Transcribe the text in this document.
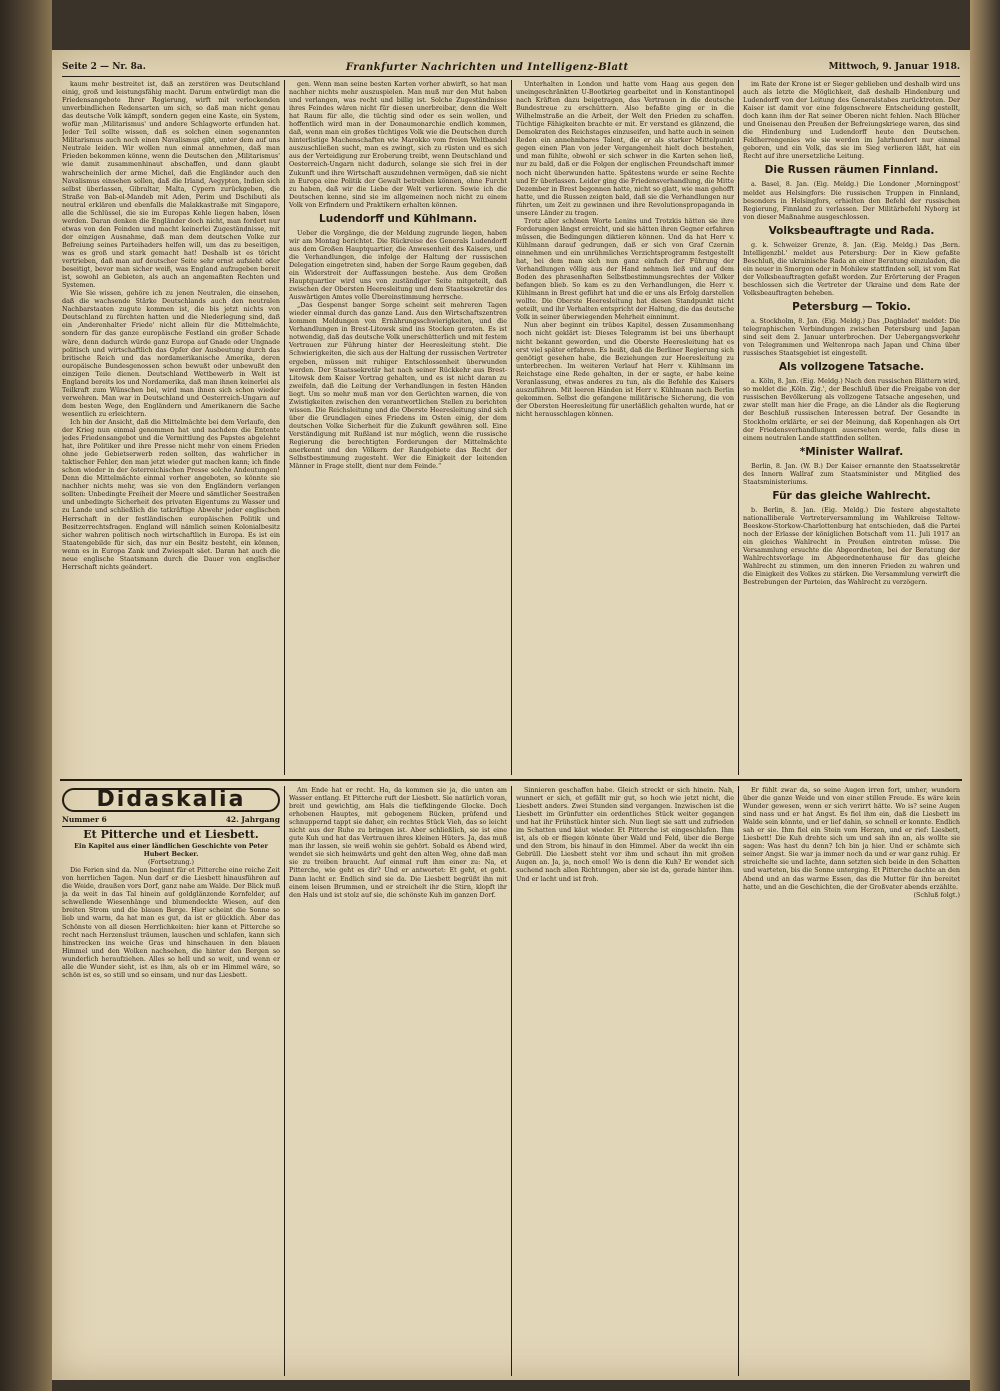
Seite 2 — Nr. 8a.	Frankfurter Nachrichten und Intelligenz-Blatt	Mittwoch, 9. Januar 1918.

kaum mehr bestreitet ist, daß an zerstören was Deutschland einig, groß und leistungsfähig macht. Darum entwürdigt man die Friedensangebote Ihrer Regierung, wirft mit verlockenden unverbindlichen Redensarten um sich, so daß man nicht genau das deutsche Volk kämpft, sondern gegen eine Kaste, ein System, wofür man ‚Militarismus' und andere Schlagworte erfunden hat. Jeder Teil sollte wissen, daß es solchen einen sogenannten Militarismus auch noch einen Navalismus gibt, unter dem auf uns Neutrale leiden. Wir wollen nun einmal annehmen, daß man Frieden bekommen könne, wenn die Deutschen den ‚Militarismus' wie damit zusammenhinaut abschaffen, und dann glaubt wahrscheinlich der arme Michel, daß die Engländer auch den Navalismus einsehen sollen, daß die Irland, Aegypten, Indien sich selbst überlassen, Gibraltar, Malta, Cypern zurückgeben, die Straße von Bab-el-Mandeb mit Aden, Perim und Dschibuti als neutral erklären und ebenfalls die Malakkastraße mit Singapore, alle die Schlüssel, die sie im Europas Kehle liegen haben, lösen werden. Daran denken die Engländer doch nicht, man fordert nur etwas von den Feinden und macht keinerlei Zugeständnisse, mit der einzigen Ausnahme, daß man dem deutschen Volke zur Befreiung seines Parteihaders helfen will, um das zu beseitigen, was es groß und stark gemacht hat! Deshalb ist es töricht vertrieben, daß man auf deutscher Seite sehr ernst aufsieht oder beseitigt, bevor man sicher weiß, was England aufzugeben bereit ist, sowohl an Gebieten, als auch an angemaßten Rechten und Systemen.

Wie Sie wissen, gehöre ich zu jenen Neutralen, die einsehen, daß die wachsende Stärke Deutschlands auch den neutralen Nachbarstaaten zugute kommen ist, die bis jetzt nichts von Deutschland zu fürchten hatten und die Niederlegung sind, daß ein ‚Anderenhalter Friede' nicht allein für die Mittelmächte, sondern für das ganze europäische Festland ein großer Schade wäre, denn dadurch würde ganz Europa auf Gnade oder Ungnade politisch und wirtschaftlich das Opfer der Ausbeutung durch das britische Reich und das nordamerikanische Amerika, deren europäische Bundesgenossen schon bewußt oder unbewußt den einzigen Teile dienen. Deutschland Wettbewerb in Welt ist England bereits los und Nordamerika, daß man ihnen keinerlei als Teilkraft zum Wünschen bei, wird man ihnen sich schon wieder verwehren. Man war in Deutschland und Oesterreich-Ungarn auf dem besten Wege, den Engländern und Amerikanern die Sache wesentlich zu erleichtern.

Ich bin der Ansicht, daß die Mittelmächte bei dem Verlaufe, den der Krieg nun einmal genommen hat und nachdem die Entente jedes Friedensangebot und die Vermittlung des Papstes abgelehnt hat, ihre Politiker und ihre Presse nicht mehr von einem Frieden ohne jede Gebietserwerb reden sollten, das wahrlicher in taktischer Fehler, den man jetzt wieder gut machen kann; ich finde schon wieder in der österreichischen Presse solche Andeutungen! Denn die Mittelmächte einmal vorher angeboten, so könnte sie nachher nichts mehr, was sie von den Engländern verlangen sollten: Unbedingte Freiheit der Meere und sämtlicher Seestraßen und unbedingte Sicherheit des privaten Eigentums zu Wasser und zu Lande und schließlich die tatkräftige Abwehr jeder englischen Herrschaft in der festländischen europäischen Politik und Besitzerrechtsfragen. England will nämlich seinen Kolonialbesitz sicher wahren politisch noch wirtschaftlich in Europa. Es ist ein Staatengebilde für sich, das nur ein Besitz besteht, ein können, wenn es in Europa Zank und Zwiespalt säet. Daran hat auch die neue englische Staatsmann durch die Dauer von englischer Herrschaft nichts geändert.

gen. Wenn man seine besten Karten vorher abwirft, so hat man nachher nichts mehr auszuspielen. Man muß nur den Mut haben und verlangen, was recht und billig ist. Solche Zugeständnisse ihres Feindes wären nicht für diesen unerbreibar, denn die Welt hat Raum für alle, die tüchtig sind oder es sein wollen, und hoffentlich wird man in der Donaumonarchie endlich kommen, daß, wenn man ein großes tüchtiges Volk wie die Deutschen durch hinterlistige Machenschaften wie Marokko vom freien Weltbandel auszuschließen sucht, man es zwingt, sich zu rüsten und es sich aus der Verteidigung zur Eroberung treibt, wenn Deutschland und Oesterreich-Ungarn nicht dadurch, solange sie sich frei in der Zukunft und ihre Wirtschaft auszudehnen vermögen, daß sie nicht in Europa eine Politik der Gewalt betreiben können, ohne Furcht zu haben, daß wir die Liebe der Welt verlieren. Sowie ich die Deutschen kenne, sind sie im allgemeinen noch nicht zu einem Volk von Erfindern und Praktikern erhalten können.

Ludendorff und Kühlmann.

Ueber die Vorgänge, die der Meldung zugrunde liegen, haben wir am Montag berichtet. Die Rückreise des Generals Ludendorff aus dem Großen Hauptquartier, die Anwesenheit des Kaisers, und die Verhandlungen, die infolge der Haltung der russischen Delegation eingetreten sind, haben der Sorge Raum gegeben, daß ein Widerstreit der Auffassungen bestehe. Aus dem Großen Hauptquartier wird uns von zuständiger Seite mitgeteilt, daß zwischen der Obersten Heeresleitung und dem Staatssekretär des Auswärtigen Amtes volle Übereinstimmung herrsche.

„Das Gespenst banger Sorge scheint seit mehreren Tagen wieder einmal durch das ganze Land. Aus den Wirtschaftszentren kommen Meldungen von Ernährungsschwierigkeiten, und die Verhandlungen in Brest-Litowsk sind ins Stocken geraten. Es ist notwendig, daß das deutsche Volk unerschütterlich und mit festem Vertrauen zur Führung hinter der Heeresleitung steht. Die Schwierigkeiten, die sich aus der Haltung der russischen Vertreter ergeben, müssen mit ruhiger Entschlossenheit überwunden werden. Der Staatssekretär hat nach seiner Rückkehr aus Brest-Litowsk dem Kaiser Vortrag gehalten, und es ist nicht daran zu zweifeln, daß die Leitung der Verhandlungen in festen Händen liegt. Um so mehr muß man vor den Gerüchten warnen, die von Zwistigkeiten zwischen den verantwortlichen Stellen zu berichten wissen. Die Reichsleitung und die Oberste Heeresleitung sind sich über die Grundlagen eines Friedens im Osten einig, der dem deutschen Volke Sicherheit für die Zukunft gewähren soll. Eine Verständigung mit Rußland ist nur möglich, wenn die russische Regierung die berechtigten Forderungen der Mittelmächte anerkennt und den Völkern der Randgebiete das Recht der Selbstbestimmung zugesteht. Wer die Einigkeit der leitenden Männer in Frage stellt, dient nur dem Feinde.“

Unterhalten in London und hatte vom Haag aus gegen den uneingeschränkten U-Bootkrieg gearbeitet und in Konstantinopel nach Kräften dazu beigetragen, das Vertrauen in die deutsche Bundestreue zu erschüttern. Also befaßte ging er in die Wilhelmstraße an die Arbeit, der Welt den Frieden zu schaffen. Tüchtige Fähigkeiten brachte er mit. Er verstand es glänzend, die Demokraten des Reichstages einzuseifen, und hatte auch in seinen Reden ein annehmbares Talent, die er als starker Mittelpunkt gegen einen Plan von jeder Vergangenheit hielt doch bestehen, und man fühlte, obwohl er sich schwer in die Karten sehen ließ, nur zu bald, daß er die Folgen der englischen Freundschaft immer noch nicht überwunden hatte. Spätestens wurde er seine Rechte und Er überlassen. Leider ging die Friedensverhandlung, die Mitte Dezember in Brest begonnen hatte, nicht so glatt, wie man gehofft hatte, und die Russen zeigten bald, daß sie die Verhandlungen nur führten, um Zeit zu gewinnen und ihre Revolutionspropaganda in unsere Länder zu tragen.

Trotz aller schönen Worte Lenins und Trotzkis hätten sie ihre Forderungen längst erreicht, und sie hätten ihren Gegner erfahren müssen, die Bedingungen diktieren können. Und da hat Herr v. Kühlmann darauf gedrungen, daß er sich von Graf Czernin einnehmen und ein unrühmliches Verzichtsprogramm festgestellt hat, bei dem man sich nun ganz einfach der Führung der Verhandlungen völlig aus der Hand nehmen ließ und auf dem Boden des phrasenhaften Selbstbestimmungsrechtes der Völker befangen blieb. So kam es zu den Verhandlungen, die Herr v. Kühlmann in Brest geführt hat und die er uns als Erfolg darstellen wollte. Die Oberste Heeresleitung hat diesen Standpunkt nicht geteilt, und ihr Verhalten entspricht der Haltung, die das deutsche Volk in seiner überwiegenden Mehrheit einnimmt.

Nun aber beginnt ein trübes Kapitel, dessen Zusammenhang noch nicht geklärt ist: Dieses Telegramm ist bei uns überhaupt nicht bekannt geworden, und die Oberste Heeresleitung hat es erst viel später erfahren. Es heißt, daß die Berliner Regierung sich genötigt gesehen habe, die Beziehungen zur Heeresleitung zu unterbrechen. Im weiteren Verlauf hat Herr v. Kühlmann im Reichstage eine Rede gehalten, in der er sagte, er habe keine Veranlassung, etwas anderes zu tun, als die Befehle des Kaisers auszuführen. Mit leeren Händen ist Herr v. Kühlmann nach Berlin gekommen. Selbst die gefangene militärische Sicherung, die von der Obersten Heeresleitung für unerläßlich gehalten wurde, hat er nicht herausschlagen können.

im Rate der Krone ist er Sieger geblieben und deshalb wird uns auch als letzte die Möglichkeit, daß deshalb Hindenburg und Ludendorff von der Leitung des Generalstabes zurücktreten. Der Kaiser ist damit vor eine folgenschwere Entscheidung gestellt, doch kann ihm der Rat seiner Oberen nicht fehlen. Nach Blücher und Gneisenau den Preußen der Befreiungskriege waren, das sind die Hindenburg und Ludendorff heute den Deutschen. Feldherrengenies wie sie werden im Jahrhundert nur einmal geboren, und ein Volk, das sie im Sieg verlieren läßt, hat ein Recht auf ihre unersetzliche Leitung.

Die Russen räumen Finnland.

a. Basel, 8. Jan. (Eig. Meldg.) Die Londoner ‚Morningpost' meldet aus Helsingfors: Die russischen Truppen in Finnland, besonders in Helsingfors, erhielten den Befehl der russischen Regierung, Finnland zu verlassen. Der Militärbefehl Nyborg ist von dieser Maßnahme ausgeschlossen.

Volksbeauftragte und Rada.

g. k. Schweizer Grenze, 8. Jan. (Eig. Meldg.) Das ‚Bern. Intelligenzbl.' meldet aus Petersburg: Der in Kiew gefaßte Beschluß, die ukrainische Rada an einer Beratung einzuladen, die ein neuer in Smorgon oder in Mohilew stattfinden soll, ist vom Rat der Volksbeauftragten gefaßt worden. Zur Erörterung der Fragen beschlossen sich die Vertreter der Ukraine und dem Rate der Volksbeauftragten beheben.

Petersburg — Tokio.

a. Stockholm, 8. Jan. (Eig. Meldg.) Das ‚Dagbladet' meldet: Die telegraphischen Verbindungen zwischen Petersburg und Japan sind seit dem 2. Januar unterbrochen. Der Uebergangsverkehr von Telegrammen und Weltenropa nach Japan und China über russisches Staatsgebiet ist eingestellt.

Als vollzogene Tatsache.

a. Köln, 8. Jan. (Eig. Meldg.) Nach den russischen Blättern wird, so meldet die ‚Köln. Zig.', der Beschluß über die Freigabe von der russischen Bevölkerung als vollzogene Tatsache angesehen, und zwar stellt man hier die Frage, an die Länder als die Regierung der Beschluß russischen Interessen betraf. Der Gesandte in Stockholm erklärte, er sei der Meinung, daß Kopenhagen als Ort der Friedensverhandlungen ausersehen werde, falls diese in einem neutralen Lande stattfinden sollten.

*Minister Wallraf.

Berlin, 8. Jan. (W. B.) Der Kaiser ernannte den Staatssekretär des Innern Wallraf zum Staatsminister und Mitglied des Staatsministeriums.

Für das gleiche Wahlrecht.

b. Berlin, 8. Jan. (Eig. Meldg.) Die festere abgestaltete nationalliberale Vertreterversammlung im Wahlkreise Teltow-Beeskow-Storkow-Charlottenburg hat entschieden, daß die Partei noch der Erlasse der königlichen Botschaft vom 11. Juli 1917 an ein gleiches Wahlrecht in Preußen eintreten müsse. Die Versammlung ersuchte die Abgeordneten, bei der Beratung der Wahlrechtsvorlage im Abgeordnetenhause für das gleiche Wahlrecht zu stimmen, um den inneren Frieden zu wahren und die Einigkeit des Volkes zu stärken. Die Versammlung verwirft die Bestrebungen der Parteien, das Wahlrecht zu verzögern.

Didaskalia
Nummer 6	42. Jahrgang
Et Pitterche und et Liesbett.
Ein Kapitel aus einer ländlichen Geschichte von Peter Hubert Becker.
(Fortsetzung.)

Die Ferien sind da. Nun beginnt für et Pitterche eine reiche Zeit von herrlichen Tagen. Nun darf er die Liesbett hinausführen auf die Weide, draußen vors Dorf, ganz nahe am Walde. Der Blick muß ja da weit in das Tal hinein auf goldglänzende Kornfelder, auf schwellende Wiesenhänge und blumendeckte Wiesen, auf den breiten Strom und die blauen Berge. Hier scheint die Sonne so lieb und warm, da hat man es gut, da ist er glücklich. Aber das Schönste von all diesen Herrlichkeiten: hier kann et Pitterche so recht nach Herzenslust träumen, lauschen und schlafen, kann sich hinstrecken ins weiche Gras und hinschauen in den blauen Himmel und den Wolken nachsehen, die hinter den Bergen so wunderlich heraufziehen. Alles so hell und so weit, und wenn er alle die Wunder sieht, ist es ihm, als ob er im Himmel wäre, so schön ist es, so still und so einsam, und nur das Liesbett.

Am Ende hat er recht. Ha, da kommen sie ja, die unten am Wasser entlang. Et Pitterche ruft der Liesbett. Sie natürlich voran, breit und gewichtig, am Hals die tiefklingende Glocke. Doch erhobenen Hauptes, mit gebogenem Rücken, prüfend und schnuppernd tappt sie daher, ein rechtes Stück Vieh, das so leicht nicht aus der Ruhe zu bringen ist. Aber schließlich, sie ist eine gute Kuh und hat das Vertrauen ihres kleinen Hüters. Ja, das muß man ihr lassen, sie weiß wohin sie gehört. Sobald es Abend wird, wendet sie sich heimwärts und geht den alten Weg, ohne daß man sie zu treiben braucht. Auf einmal ruft ihm einer zu: Na, et Pitterche, wie geht es dir? Und er antwortet: Et geht, et geht. Dann lacht er. Endlich sind sie da. Die Liesbett begrüßt ihn mit einem leisen Brummen, und er streichelt ihr die Stirn, klopft ihr den Hals und ist stolz auf sie, die schönste Kuh im ganzen Dorf.

Sinnieren geschaffen habe. Gleich streckt er sich hinein. Nah, wunnert er sich, et gefällt mir gut, so hoch wie jetzt nicht, die Liesbett anders. Zwei Stunden sind vergangen. Inzwischen ist die Liesbett im Grünfutter ein ordentliches Stück weiter gegangen und hat ihr Frühstück hinter sich. Nun liegt sie satt und zufrieden im Schatten und käut wieder. Et Pitterche ist eingeschlafen. Ihm ist, als ob er fliegen könnte über Wald und Feld, über die Berge und den Strom, bis hinauf in den Himmel. Aber da weckt ihn ein Gebrüll. Die Liesbett steht vor ihm und schaut ihn mit großen Augen an. Ja, ja, noch emol! Wo is denn die Kuh? Er wendet sich suchend nach allen Richtungen, aber sie ist da, gerade hinter ihm. Und er lacht und ist froh.

Er fühlt zwar da, so seine Augen irren fort, umher, wundern über die ganze Weide und von einer stillen Freude. Es wäre kein Wunder gewesen, wenn er sich verirrt hätte. Wo is? seine Augen sind nass und er hat Angst. Es fiel ihm ein, daß die Liesbett im Walde sein könnte, und er lief dahin, so schnell er konnte. Endlich sah er sie. Ihm fiel ein Stein vom Herzen, und er rief: Liesbett, Liesbett! Die Kuh drehte sich um und sah ihn an, als wollte sie sagen: Was hast du denn? Ich bin ja hier. Und er schämte sich seiner Angst. Sie war ja immer noch da und er war ganz ruhig. Er streichelte sie und lachte, dann setzten sich beide in den Schatten und warteten, bis die Sonne unterging. Et Pitterche dachte an den Abend und an das warme Essen, das die Mutter für ihn bereitet hatte, und an die Geschichten, die der Großvater abends erzählte.

(Schluß folgt.)
